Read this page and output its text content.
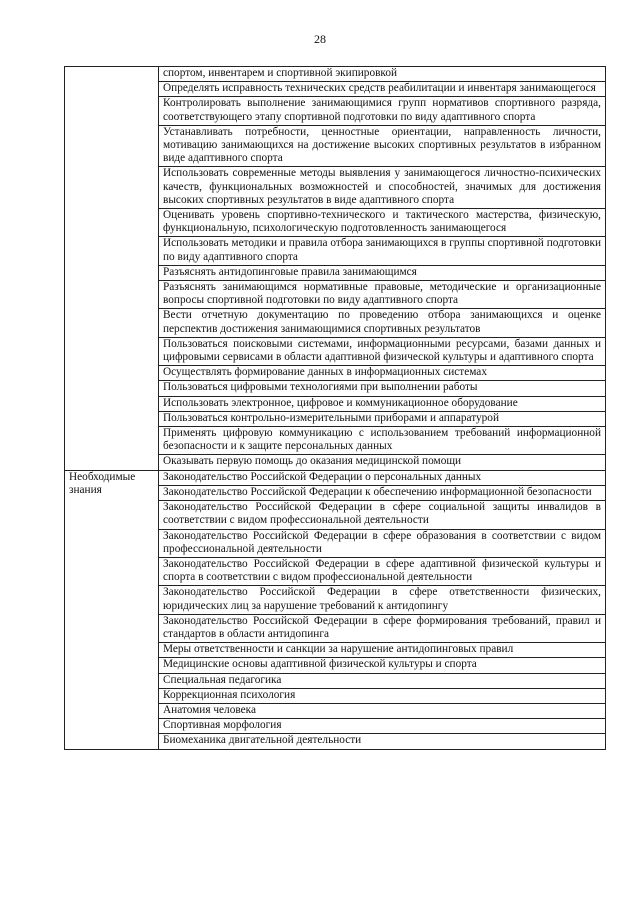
28
	спортом, инвентарем и спортивной экипировкой
	Определять исправность технических средств реабилитации и инвентаря занимающегося
	Контролировать выполнение занимающимися групп нормативов спортивного разряда, соответствующего этапу спортивной подготовки по виду адаптивного спорта
	Устанавливать потребности, ценностные ориентации, направленность личности, мотивацию занимающихся на достижение высоких спортивных результатов в избранном виде адаптивного спорта
	Использовать современные методы выявления у занимающегося личностно-психических качеств, функциональных возможностей и способностей, значимых для достижения высоких спортивных результатов в виде адаптивного спорта
	Оценивать уровень спортивно-технического и тактического мастерства, физическую, функциональную, психологическую подготовленность занимающегося
	Использовать методики и правила отбора занимающихся в группы спортивной подготовки по виду адаптивного спорта
	Разъяснять антидопинговые правила занимающимся
	Разъяснять занимающимся нормативные правовые, методические и организационные вопросы спортивной подготовки по виду адаптивного спорта
	Вести отчетную документацию по проведению отбора занимающихся и оценке перспектив достижения занимающимися спортивных результатов
	Пользоваться поисковыми системами, информационными ресурсами, базами данных и цифровыми сервисами в области адаптивной физической культуры и адаптивного спорта
	Осуществлять формирование данных в информационных системах
	Пользоваться цифровыми технологиями при выполнении работы
	Использовать электронное, цифровое и коммуникационное оборудование
	Пользоваться контрольно-измерительными приборами и аппаратурой
	Применять цифровую коммуникацию с использованием требований информационной безопасности и к защите персональных данных
	Оказывать первую помощь до оказания медицинской помощи
Необходимые знания	Законодательство Российской Федерации о персональных данных
	Законодательство Российской Федерации к обеспечению информационной безопасности
	Законодательство Российской Федерации в сфере социальной защиты инвалидов в соответствии с видом профессиональной деятельности
	Законодательство Российской Федерации в сфере образования в соответствии с видом профессиональной деятельности
	Законодательство Российской Федерации в сфере адаптивной физической культуры и спорта в соответствии с видом профессиональной деятельности
	Законодательство Российской Федерации в сфере ответственности физических, юридических лиц за нарушение требований к антидопингу
	Законодательство Российской Федерации в сфере формирования требований, правил и стандартов в области антидопинга
	Меры ответственности и санкции за нарушение антидопинговых правил
	Медицинские основы адаптивной физической культуры и спорта
	Специальная педагогика
	Коррекционная психология
	Анатомия человека
	Спортивная морфология
	Биомеханика двигательной деятельности
